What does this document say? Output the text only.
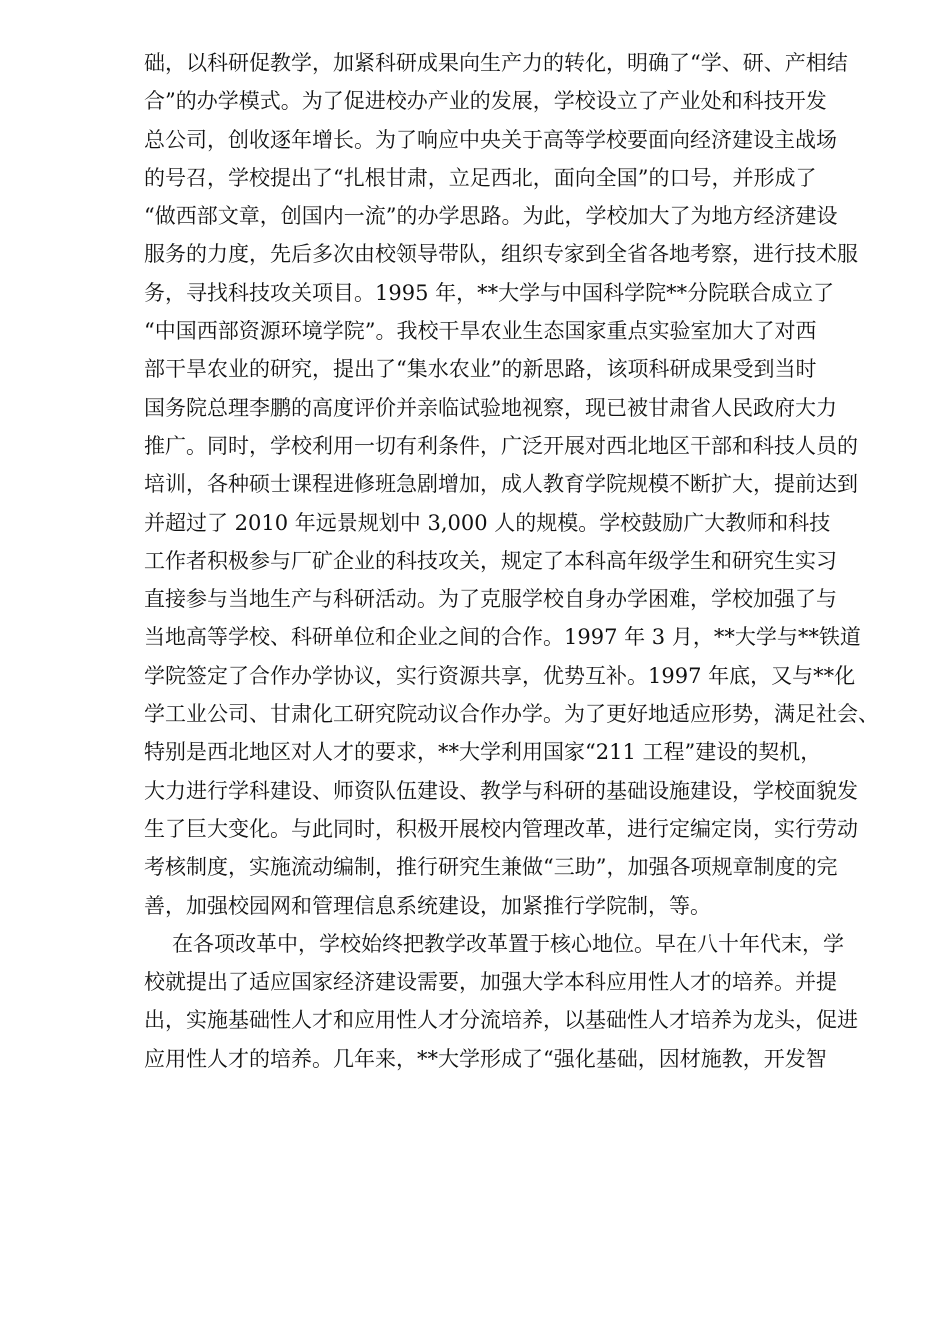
础，以科研促教学，加紧科研成果向生产力的转化，明确了“学、研、产相结
合”的办学模式。为了促进校办产业的发展，学校设立了产业处和科技开发
总公司，创收逐年增长。为了响应中央关于高等学校要面向经济建设主战场
的号召，学校提出了“扎根甘肃，立足西北，面向全国”的口号，并形成了
“做西部文章，创国内一流”的办学思路。为此，学校加大了为地方经济建设
服务的力度，先后多次由校领导带队，组织专家到全省各地考察，进行技术服
务，寻找科技攻关项目。1995 年，**大学与中国科学院**分院联合成立了
“中国西部资源环境学院”。我校干旱农业生态国家重点实验室加大了对西
部干旱农业的研究，提出了“集水农业”的新思路，该项科研成果受到当时
国务院总理李鹏的高度评价并亲临试验地视察，现已被甘肃省人民政府大力
推广。同时，学校利用一切有利条件，广泛开展对西北地区干部和科技人员的
培训，各种硕士课程进修班急剧增加，成人教育学院规模不断扩大，提前达到
并超过了 2010 年远景规划中 3,000 人的规模。学校鼓励广大教师和科技
工作者积极参与厂矿企业的科技攻关，规定了本科高年级学生和研究生实习
直接参与当地生产与科研活动。为了克服学校自身办学困难，学校加强了与
当地高等学校、科研单位和企业之间的合作。1997 年 3 月，**大学与**铁道
学院签定了合作办学协议，实行资源共享，优势互补。1997 年底，又与**化
学工业公司、甘肃化工研究院动议合作办学。为了更好地适应形势，满足社会、
特别是西北地区对人才的要求，**大学利用国家“211 工程”建设的契机，
大力进行学科建设、师资队伍建设、教学与科研的基础设施建设，学校面貌发
生了巨大变化。与此同时，积极开展校内管理改革，进行定编定岗，实行劳动
考核制度，实施流动编制，推行研究生兼做“三助”，加强各项规章制度的完
善，加强校园网和管理信息系统建设，加紧推行学院制，等。
在各项改革中，学校始终把教学改革置于核心地位。早在八十年代末，学
校就提出了适应国家经济建设需要，加强大学本科应用性人才的培养。并提
出，实施基础性人才和应用性人才分流培养，以基础性人才培养为龙头，促进
应用性人才的培养。几年来，**大学形成了“强化基础，因材施教，开发智
